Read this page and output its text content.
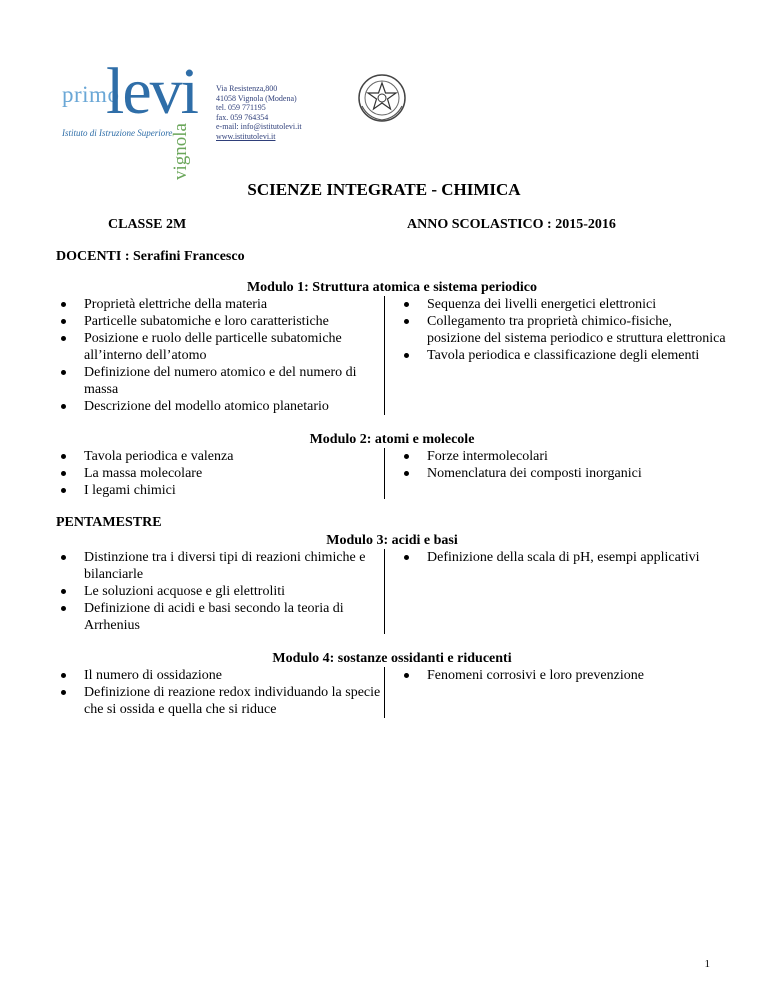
primo
levi
Istituto di Istruzione Superiore
vignola
Via Resistenza,800
41058 Vignola (Modena)
tel. 059 771195
fax. 059 764354
e-mail: info@istitutolevi.it
www.istitutolevi.it
SCIENZE INTEGRATE - CHIMICA
CLASSE 2M	ANNO SCOLASTICO : 2015-2016
DOCENTI : Serafini Francesco
Modulo 1: Struttura atomica e sistema periodico
Proprietà elettriche della materia
Particelle subatomiche e loro caratteristiche
Posizione e ruolo delle particelle subatomiche all’interno dell’atomo
Definizione del numero atomico e del numero di massa
Descrizione del modello atomico planetario
Sequenza dei livelli energetici elettronici
Collegamento tra proprietà chimico-fisiche, posizione del sistema periodico e struttura elettronica
Tavola periodica e classificazione degli elementi
Modulo 2: atomi e molecole
Tavola periodica e valenza
La massa molecolare
I legami chimici
Forze intermolecolari
Nomenclatura dei composti inorganici
PENTAMESTRE
Modulo 3: acidi e basi
Distinzione tra i diversi tipi di reazioni chimiche e bilanciarle
Le soluzioni acquose e gli elettroliti
Definizione di acidi e basi secondo la teoria di Arrhenius
Definizione della scala di pH, esempi applicativi
Modulo 4: sostanze ossidanti e riducenti
Il numero di ossidazione
Definizione di reazione redox individuando la specie che si ossida e quella che si riduce
Fenomeni corrosivi e loro prevenzione
1
